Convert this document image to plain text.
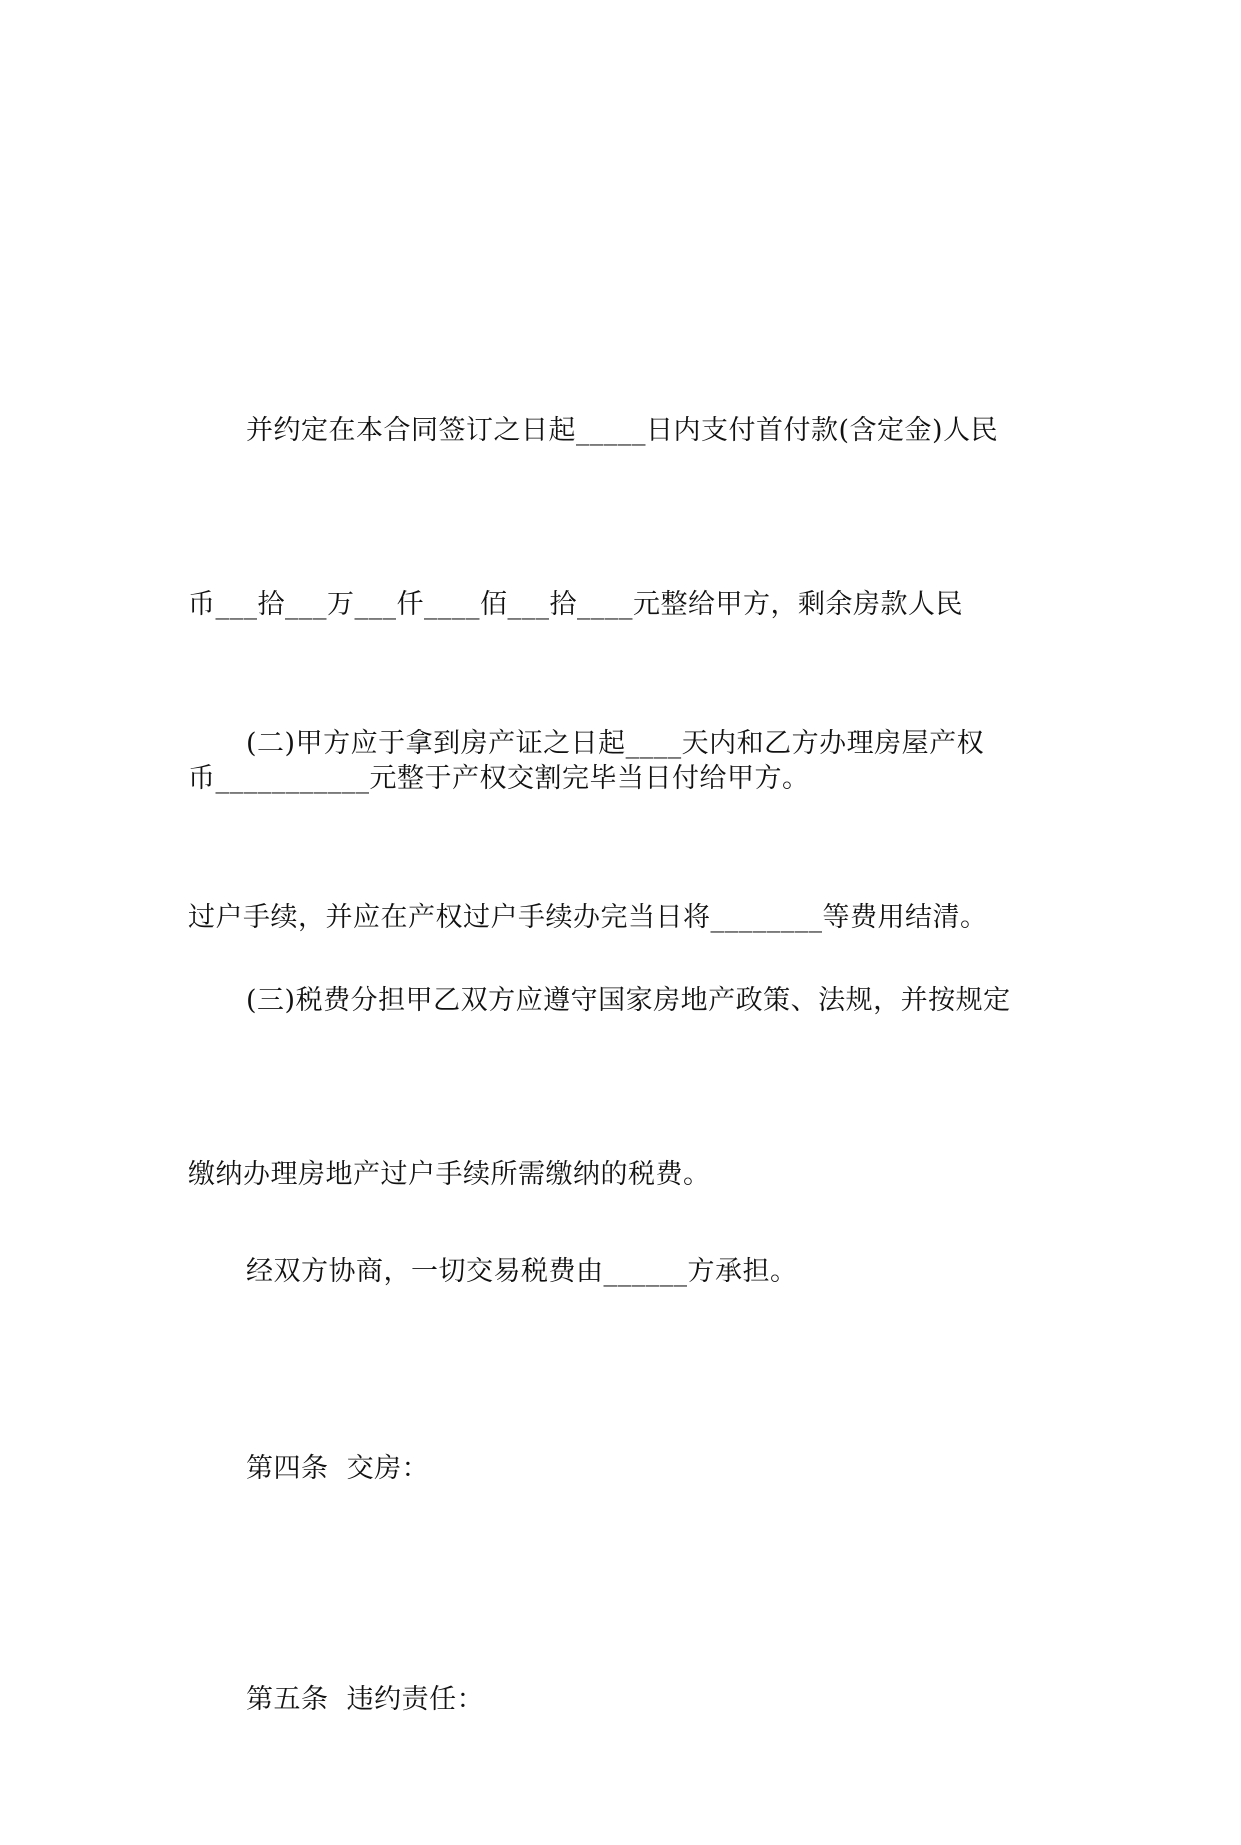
并约定在本合同签订之日起_____日内支付首付款(含定金)人民

币___拾___万___仟____佰___拾____元整给甲方，剩余房款人民

币___________元整于产权交割完毕当日付给甲方。

(二)甲方应于拿到房产证之日起____天内和乙方办理房屋产权

过户手续，并应在产权过户手续办完当日将________等费用结清。

(三)税费分担甲乙双方应遵守国家房地产政策、法规，并按规定

缴纳办理房地产过户手续所需缴纳的税费。

经双方协商，一切交易税费由______方承担。

第四条  交房：

第五条  违约责任：
